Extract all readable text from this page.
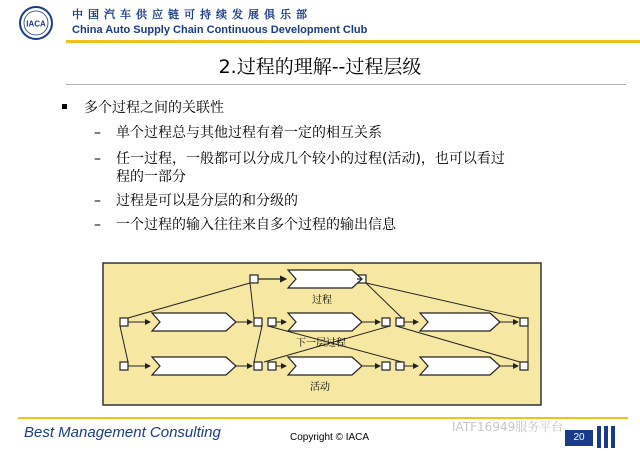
IACA
中国汽车供应链可持续发展俱乐部
China Auto Supply Chain Continuous Development Club
2.过程的理解--过程层级
多个过程之间的关联性
– 单个过程总与其他过程有着一定的相互关系
– 任一过程，一般都可以分成几个较小的过程(活动)，也可以看过
程的一部分
– 过程是可以是分层的和分级的
– 一个过程的输入往往来自多个过程的输出信息
过程
下一层过程
活动
Best Management Consulting	Copyright © IACA
IATF16949服务平台
20
